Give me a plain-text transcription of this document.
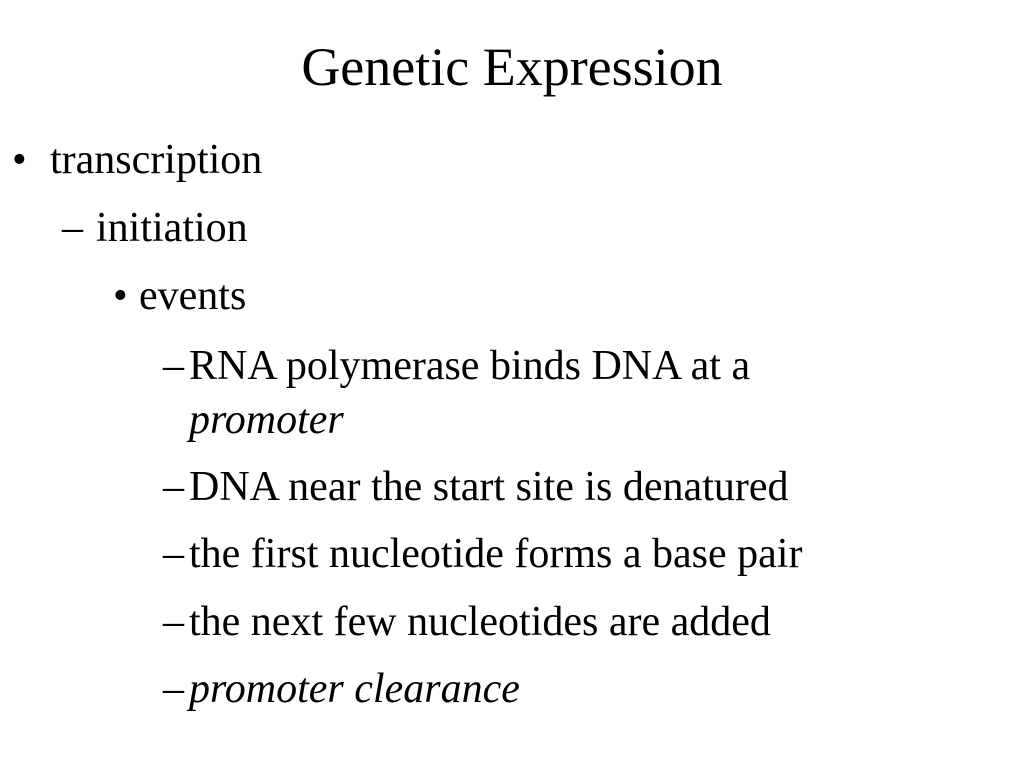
Genetic Expression
• transcription
– initiation
• events
– RNA polymerase binds DNA at a
promoter
– DNA near the start site is denatured
– the first nucleotide forms a base pair
– the next few nucleotides are added
– promoter clearance
